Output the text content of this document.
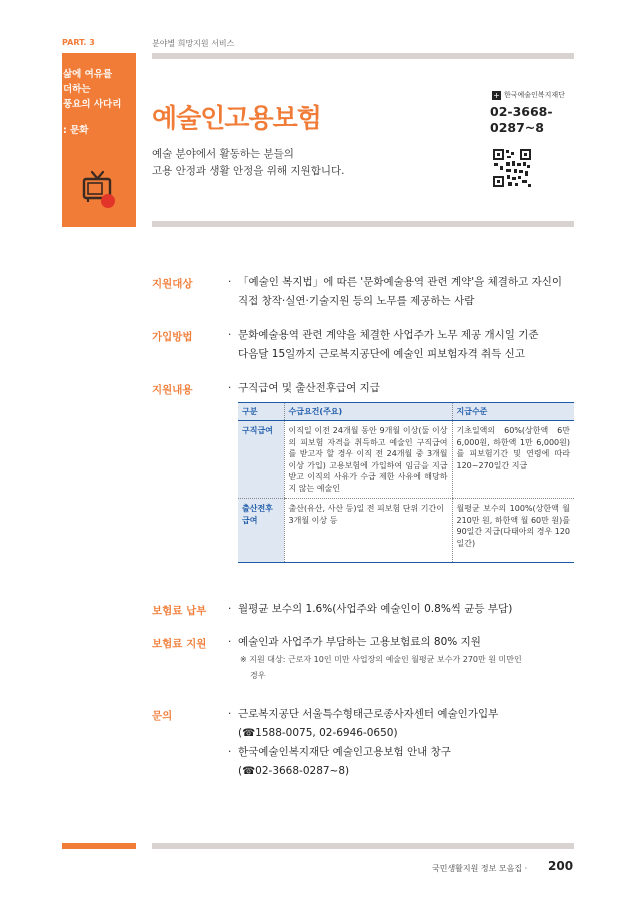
PART. 3	분야별 희망지원 서비스
삶에 여유를
더하는
풍요의 사다리
: 문화 예술인고용보험
예술 분야에서 활동하는 분들의
고용 안정과 생활 안정을 위해 지원합니다.
+ 한국예술인복지재단
02-3668-
0287~8
지원대상	· 「예술인 복지법」에 따른 '문화예술용역 관련 계약'을 체결하고 자신이
직접 창작·실연·기술지원 등의 노무를 제공하는 사람
가입방법	· 문화예술용역 관련 계약을 체결한 사업주가 노무 제공 개시일 기준
다음달 15일까지 근로복지공단에 예술인 피보험자격 취득 신고
지원내용	· 구직급여 및 출산전후급여 지급
구분	수급요건(주요)	지급수준
구직급여	이직일 이전 24개월 동안 9개월 이상(둘 이상의 피보험 자격을 취득하고 예술인 구직급여를 받고자 할 경우 이직 전 24개월 중 3개월 이상 가입) 고용보험에 가입하여 임금을 지급받고 이직의 사유가 수급 제한 사유에 해당하지 않는 예술인	기초일액의 60%(상한액 6만 6,000원, 하한액 1만 6,000원)를 피보험기간 및 연령에 따라 120~270일간 지급
출산전후급여	출산(유산, 사산 등)일 전 피보험 단위 기간이 3개월 이상 등	월평균 보수의 100%(상한액 월 210만 원, 하한액 월 60만 원)를 90일간 지급(다태아의 경우 120일간)
보험료 납부 · 월평균 보수의 1.6%(사업주와 예술인이 0.8%씩 균등 부담)
보험료 지원 · 예술인과 사업주가 부담하는 고용보험료의 80% 지원
※ 지원 대상: 근로자 10인 미만 사업장의 예술인 월평균 보수가 270만 원 미만인
경우
문의	· 근로복지공단 서울특수형태근로종사자센터 예술인가입부
(☎1588-0075, 02-6946-0650)
· 한국예술인복지재단 예술인고용보험 안내 창구
(☎02-3668-0287~8)
국민생활지원 정보 모음집 · 200
